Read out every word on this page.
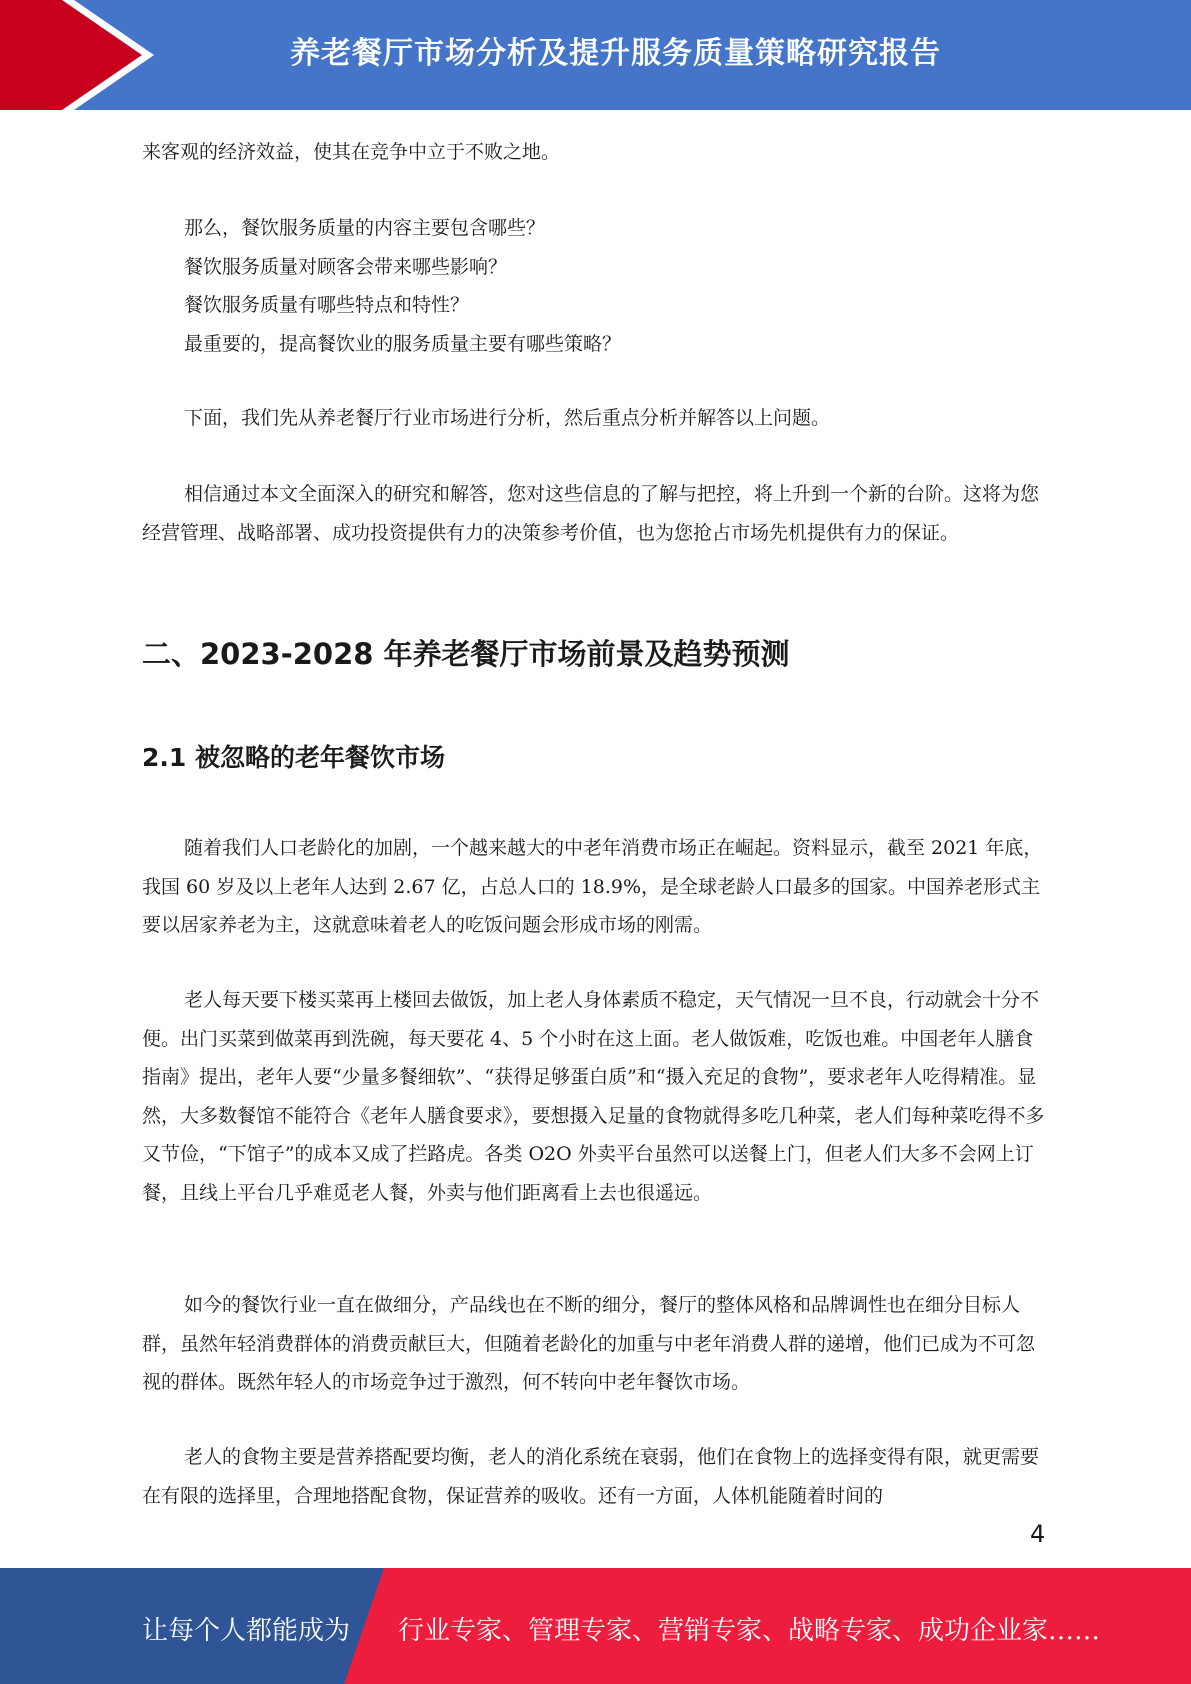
养老餐厅市场分析及提升服务质量策略研究报告

来客观的经济效益，使其在竞争中立于不败之地。

那么，餐饮服务质量的内容主要包含哪些？

餐饮服务质量对顾客会带来哪些影响？

餐饮服务质量有哪些特点和特性？

最重要的，提高餐饮业的服务质量主要有哪些策略？

下面，我们先从养老餐厅行业市场进行分析，然后重点分析并解答以上问题。

相信通过本文全面深入的研究和解答，您对这些信息的了解与把控，将上升到一个新的台阶。这将为您经营管理、战略部署、成功投资提供有力的决策参考价值，也为您抢占市场先机提供有力的保证。

二、2023-2028 年养老餐厅市场前景及趋势预测
2.1 被忽略的老年餐饮市场

随着我们人口老龄化的加剧，一个越来越大的中老年消费市场正在崛起。资料显示，截至 2021 年底，我国 60 岁及以上老年人达到 2.67 亿，占总人口的 18.9%，是全球老龄人口最多的国家。中国养老形式主要以居家养老为主，这就意味着老人的吃饭问题会形成市场的刚需。

老人每天要下楼买菜再上楼回去做饭，加上老人身体素质不稳定，天气情况一旦不良，行动就会十分不便。出门买菜到做菜再到洗碗，每天要花 4、5 个小时在这上面。老人做饭难，吃饭也难。中国老年人膳食指南》提出，老年人要“少量多餐细软”、“获得足够蛋白质”和“摄入充足的食物”，要求老年人吃得精准。显然，大多数餐馆不能符合《老年人膳食要求》，要想摄入足量的食物就得多吃几种菜，老人们每种菜吃得不多又节俭，“下馆子”的成本又成了拦路虎。各类 O2O 外卖平台虽然可以送餐上门，但老人们大多不会网上订餐，且线上平台几乎难觅老人餐，外卖与他们距离看上去也很遥远。

如今的餐饮行业一直在做细分，产品线也在不断的细分，餐厅的整体风格和品牌调性也在细分目标人群，虽然年轻消费群体的消费贡献巨大，但随着老龄化的加重与中老年消费人群的递增，他们已成为不可忽视的群体。既然年轻人的市场竞争过于激烈，何不转向中老年餐饮市场。

老人的食物主要是营养搭配要均衡，老人的消化系统在衰弱，他们在食物上的选择变得有限，就更需要在有限的选择里，合理地搭配食物，保证营养的吸收。还有一方面，人体机能随着时间的

4
让每个人都能成为 行业专家、管理专家、营销专家、战略专家、成功企业家……
